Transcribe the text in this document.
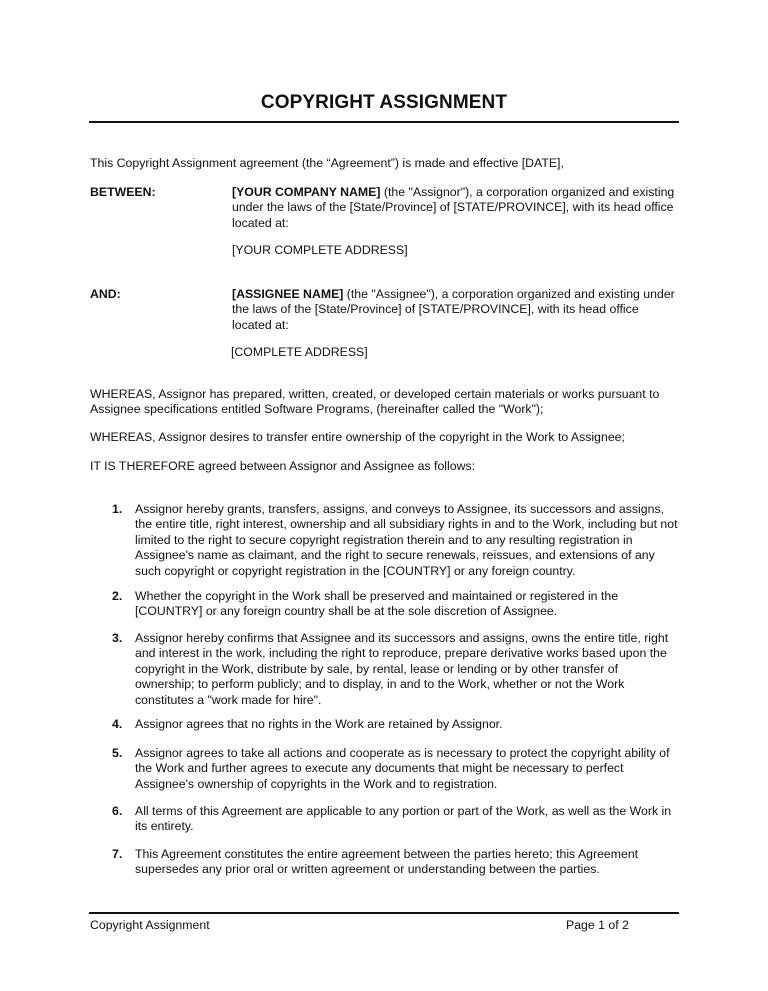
COPYRIGHT ASSIGNMENT

This Copyright Assignment agreement (the “Agreement”) is made and effective [DATE],

BETWEEN:	[YOUR COMPANY NAME] (the "Assignor"), a corporation organized and existing under the laws of the [State/Province] of [STATE/PROVINCE], with its head office located at:

[YOUR COMPLETE ADDRESS]

AND:	[ASSIGNEE NAME] (the "Assignee"), a corporation organized and existing under the laws of the [State/Province] of [STATE/PROVINCE], with its head office located at:

[COMPLETE ADDRESS]

WHEREAS, Assignor has prepared, written, created, or developed certain materials or works pursuant to Assignee specifications entitled Software Programs, (hereinafter called the "Work");

WHEREAS, Assignor desires to transfer entire ownership of the copyright in the Work to Assignee;

IT IS THEREFORE agreed between Assignor and Assignee as follows:

1. Assignor hereby grants, transfers, assigns, and conveys to Assignee, its successors and assigns, the entire title, right interest, ownership and all subsidiary rights in and to the Work, including but not limited to the right to secure copyright registration therein and to any resulting registration in Assignee's name as claimant, and the right to secure renewals, reissues, and extensions of any such copyright or copyright registration in the [COUNTRY] or any foreign country.

2. Whether the copyright in the Work shall be preserved and maintained or registered in the [COUNTRY] or any foreign country shall be at the sole discretion of Assignee.

3. Assignor hereby confirms that Assignee and its successors and assigns, owns the entire title, right and interest in the work, including the right to reproduce, prepare derivative works based upon the copyright in the Work, distribute by sale, by rental, lease or lending or by other transfer of ownership; to perform publicly; and to display, in and to the Work, whether or not the Work constitutes a "work made for hire".

4. Assignor agrees that no rights in the Work are retained by Assignor.

5. Assignor agrees to take all actions and cooperate as is necessary to protect the copyright ability of the Work and further agrees to execute any documents that might be necessary to perfect Assignee's ownership of copyrights in the Work and to registration.

6. All terms of this Agreement are applicable to any portion or part of the Work, as well as the Work in its entirety.

7. This Agreement constitutes the entire agreement between the parties hereto; this Agreement supersedes any prior oral or written agreement or understanding between the parties.

Copyright Assignment	Page 1 of 2
